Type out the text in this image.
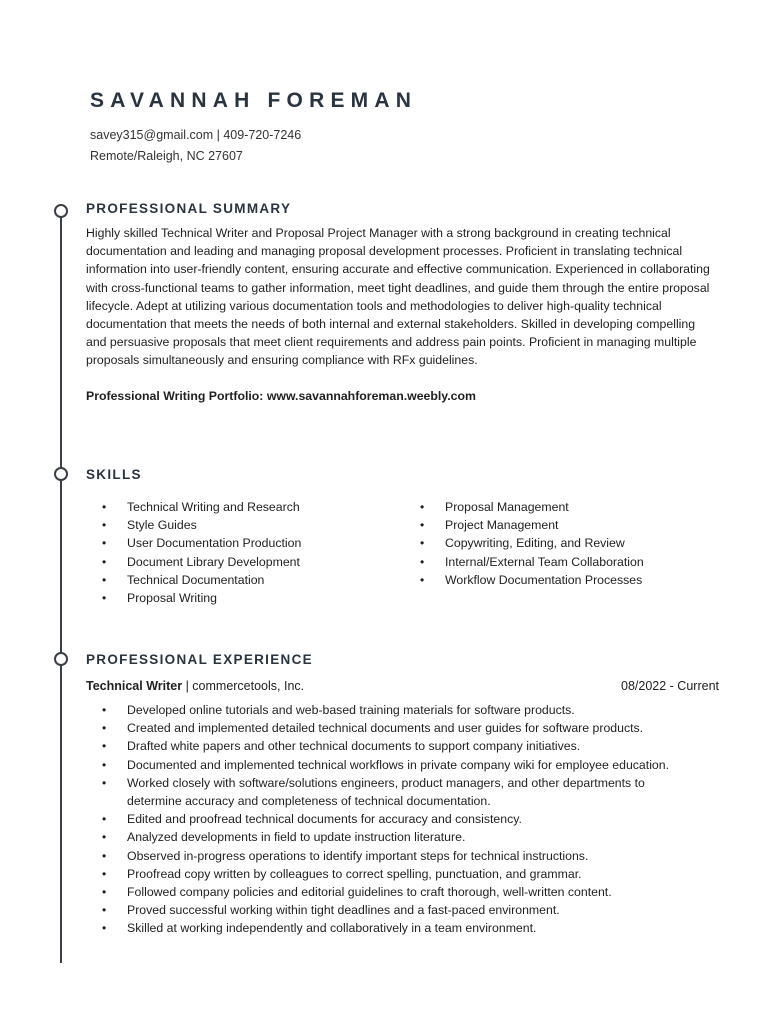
SAVANNAH FOREMAN
savey315@gmail.com | 409-720-7246
Remote/Raleigh, NC 27607
PROFESSIONAL SUMMARY

Highly skilled Technical Writer and Proposal Project Manager with a strong background in creating technical documentation and leading and managing proposal development processes. Proficient in translating technical information into user-friendly content, ensuring accurate and effective communication. Experienced in collaborating with cross-functional teams to gather information, meet tight deadlines, and guide them through the entire proposal lifecycle. Adept at utilizing various documentation tools and methodologies to deliver high-quality technical documentation that meets the needs of both internal and external stakeholders. Skilled in developing compelling and persuasive proposals that meet client requirements and address pain points. Proficient in managing multiple proposals simultaneously and ensuring compliance with RFx guidelines.

Professional Writing Portfolio: www.savannahforeman.weebly.com
SKILLS
• Technical Writing and Research
• Style Guides
• User Documentation Production
• Document Library Development
• Technical Documentation
• Proposal Writing
• Proposal Management
• Project Management
• Copywriting, Editing, and Review
• Internal/External Team Collaboration
• Workflow Documentation Processes
PROFESSIONAL EXPERIENCE
Technical Writer | commercetools, Inc.	08/2022 - Current
• Developed online tutorials and web-based training materials for software products.
• Created and implemented detailed technical documents and user guides for software products.
• Drafted white papers and other technical documents to support company initiatives.
• Documented and implemented technical workflows in private company wiki for employee education.
• Worked closely with software/solutions engineers, product managers, and other departments to determine accuracy and completeness of technical documentation.
• Edited and proofread technical documents for accuracy and consistency.
• Analyzed developments in field to update instruction literature.
• Observed in-progress operations to identify important steps for technical instructions.
• Proofread copy written by colleagues to correct spelling, punctuation, and grammar.
• Followed company policies and editorial guidelines to craft thorough, well-written content.
• Proved successful working within tight deadlines and a fast-paced environment.
• Skilled at working independently and collaboratively in a team environment.
